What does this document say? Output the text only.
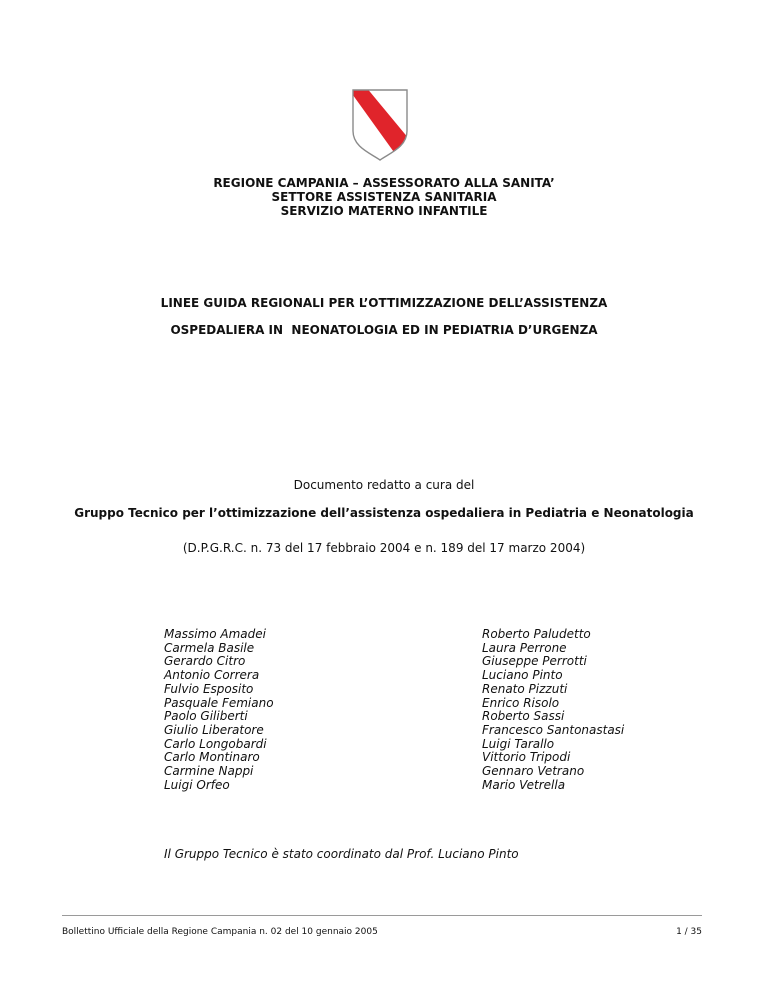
REGIONE CAMPANIA – ASSESSORATO ALLA SANITA’
SETTORE ASSISTENZA SANITARIA
SERVIZIO MATERNO INFANTILE
LINEE GUIDA REGIONALI PER L’OTTIMIZZAZIONE DELL’ASSISTENZA
OSPEDALIERA IN  NEONATOLOGIA ED IN PEDIATRIA D’URGENZA
Documento redatto a cura del
Gruppo Tecnico per l’ottimizzazione dell’assistenza ospedaliera in Pediatria e Neonatologia
(D.P.G.R.C. n. 73 del 17 febbraio 2004 e n. 189 del 17 marzo 2004)
Massimo Amadei
Carmela Basile
Gerardo Citro
Antonio Correra
Fulvio Esposito
Pasquale Femiano
Paolo Giliberti
Giulio Liberatore
Carlo Longobardi
Carlo Montinaro
Carmine Nappi
Luigi Orfeo
Roberto Paludetto
Laura Perrone
Giuseppe Perrotti
Luciano Pinto
Renato Pizzuti
Enrico Risolo
Roberto Sassi
Francesco Santonastasi
Luigi Tarallo
Vittorio Tripodi
Gennaro Vetrano
Mario Vetrella
Il Gruppo Tecnico è stato coordinato dal Prof. Luciano Pinto
Bollettino Ufficiale della Regione Campania n. 02 del 10 gennaio 2005	1 / 35
